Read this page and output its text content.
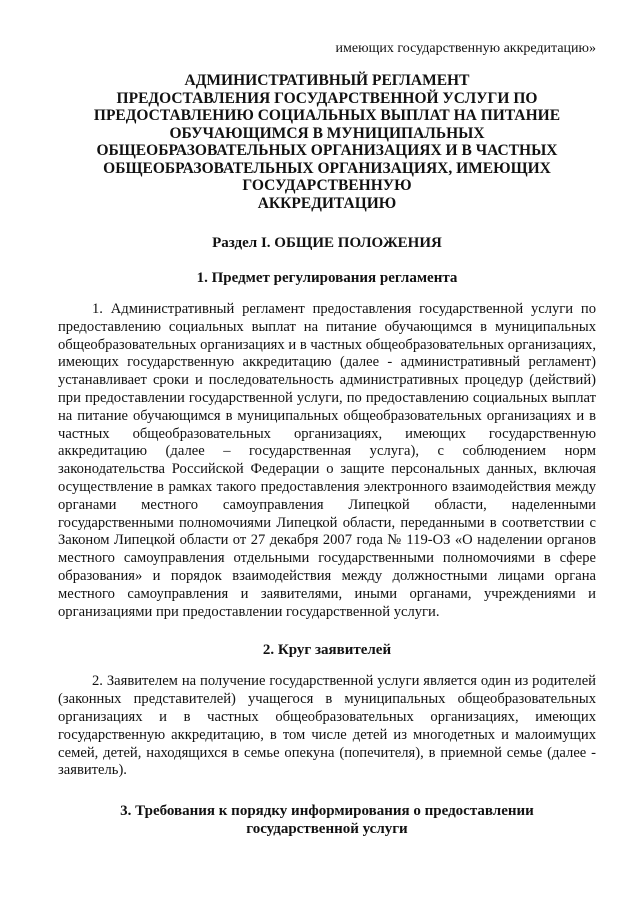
имеющих государственную аккредитацию»
АДМИНИСТРАТИВНЫЙ РЕГЛАМЕНТ
ПРЕДОСТАВЛЕНИЯ ГОСУДАРСТВЕННОЙ УСЛУГИ ПО
ПРЕДОСТАВЛЕНИЮ СОЦИАЛЬНЫХ ВЫПЛАТ НА ПИТАНИЕ
ОБУЧАЮЩИМСЯ В МУНИЦИПАЛЬНЫХ
ОБЩЕОБРАЗОВАТЕЛЬНЫХ ОРГАНИЗАЦИЯХ И В ЧАСТНЫХ
ОБЩЕОБРАЗОВАТЕЛЬНЫХ ОРГАНИЗАЦИЯХ, ИМЕЮЩИХ
ГОСУДАРСТВЕННУЮ
АККРЕДИТАЦИЮ
Раздел I. ОБЩИЕ ПОЛОЖЕНИЯ
1. Предмет регулирования регламента

1. Административный регламент предоставления государственной услуги по предоставлению социальных выплат на питание обучающимся в муниципальных общеобразовательных организациях и в частных общеобразовательных организациях, имеющих государственную аккредитацию (далее - административный регламент) устанавливает сроки и последовательность административных процедур (действий) при предоставлении государственной услуги, по предоставлению социальных выплат на питание обучающимся в муниципальных общеобразовательных организациях и в частных общеобразовательных организациях, имеющих государственную аккредитацию (далее – государственная услуга), с соблюдением норм законодательства Российской Федерации о защите персональных данных, включая осуществление в рамках такого предоставления электронного взаимодействия между органами местного самоуправления Липецкой области, наделенными государственными полномочиями Липецкой области, переданными в соответствии с Законом Липецкой области от 27 декабря 2007 года № 119-ОЗ «О наделении органов местного самоуправления отдельными государственными полномочиями в сфере образования» и порядок взаимодействия между должностными лицами органа местного самоуправления и заявителями, иными органами, учреждениями и организациями при предоставлении государственной услуги.

2. Круг заявителей

2. Заявителем на получение государственной услуги является один из родителей (законных представителей) учащегося в муниципальных общеобразовательных организациях и в частных общеобразовательных организациях, имеющих государственную аккредитацию, в том числе детей из многодетных и малоимущих семей, детей, находящихся в семье опекуна (попечителя), в приемной семье (далее - заявитель).

3. Требования к порядку информирования о предоставлении
государственной услуги
